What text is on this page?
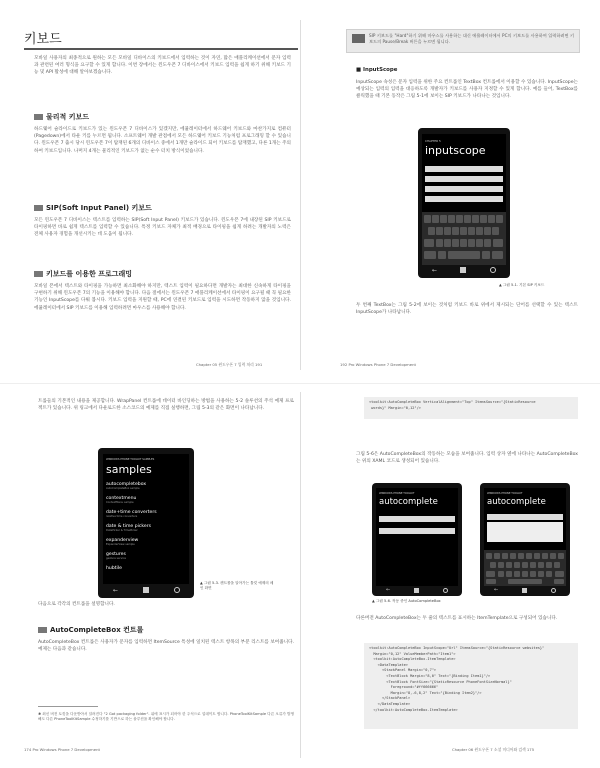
키보드
모바일 사용자의 최종적으로 원하는 모든 모바일 디바이스의 키보드에서 입력하는 것이 자연, 많은 애플리케이션에서 문자 입력과 관련된 여러 형식을 요구할 수 있게 합니다. 이번 장에서는 윈도우폰 7 디바이스에서 키보드 입력을 쉽게 하기 위해 키보드 기능 및 API 활성에 대해 알아보겠습니다.
물리적 키보드
하드웨어 슬라이드로 키보드가 있는 윈도우폰 7 디바이스가 있겠지만, 에뮬레이터에서 하드웨어 키보드와 마찬가지로 컴퓨터(Pagedown)에서 타운 키를 누르면 됩니다. 소프트웨어 개발 관점에서 모든 하드웨어 키보드 기능처럼 프로그래밍 할 수 있습니다. 윈도우폰 7 출시 당시 윈도우폰 7이 탑재된 6개의 디바이스 중에서 1개만 슬라이드 되어 키보드를 탑재했고, 다른 1개는 주의 하여 키보드입니다. 나머지 4개는 물리적인 키보드가 없는 순수 터치 방식이었습니다.
SIP(Soft Input Panel) 키보드
모든 윈도우폰 7 디바이스는 텍스트를 입력하는 SIP(Soft Input Panel) 키보드가 있습니다. 윈도우폰 7에 내장된 SIP 키보드로 타이핑하면 바로 쉽게 텍스트를 입력할 수 있습니다. 특정 키보드 자체가 최적 배경으로 타이핑을 쉽게 하려는 개발자의 노력은 전체 사용자 경험을 개선시키는 데 도움이 됩니다.
키보드를 이용한 프로그래밍
모바일 폰에서 텍스트와 타이핑을 가능하면 최소화해야 하지만, 텍스트 입력이 필요하다면 개발자는 최대한 신속하게 타이핑을 구현하기 위해 윈도우폰 7의 기능을 이용해야 합니다. 다음 절에서는 윈도우폰 7 애플리케이션에서 타이핑이 요구될 때 꼭 필요한 기능인 InputScope를 다뤄 봅시다. 키보드 입력을 지원할 때, PC에 연결된 키보드로 입력을 시도하면 작동하지 않을 것입니다. 에뮬레이터에서 SIP 키보드를 이용해 입력하려면 마우스를 사용해야 합니다.
Chapter 05 윈도우폰 7 입력 처리 191
SIP 키보드를 "Hard"하기 위해 마우스를 사용하는 대신 에뮬레이터에서 PC의 키보드를 사용하여 입력하려면 키보드의 Pause/Break 버튼을 누르면 됩니다.
■ InputScope
InputScope 속성은 문자 입력을 위한 주요 컨트롤인 TextBox 컨트롤에서 이용할 수 있습니다. InputScope는 예상되는 입력의 입력을 대응하도록 개발자가 키보드를 사용자 지정할 수 있게 합니다. 예를 들어, TextBox를 클릭했을 때 기본 동작은 그림 5-1에 보이는 SIP 키보드가 나타나는 것입니다.
CHAPTER 5
inputscope
←
▲ 그림 5-1. 기본 SIP 키보드
두 번째 TextBox는 그림 5-2에 보이는 것처럼 키보드 바로 위에서 제시되는 단어를 선택할 수 있는 텍스트 InputScope가 나타납니다.
192 Pro Windows Phone 7 Development
트롤들의 기본적인 내용을 제공합니다. WrapPanel 컨트롤에 데이터 바인딩하는 방법을 사용하는 5-2 솔루션의 주석 예제 프로젝트가 있습니다. 위 링크에서 다운로드한 소스코드의 예제를 직접 실행하면, 그림 5-3의 같은 화면이 나타납니다.
WINDOWS PHONE TOOLKIT SAMPLES
samples
autocompletebox
AutoCompleteBox sample
contextmenu
ContextMenu sample
date+time converters
relative time converters
date & time pickers
DatePicker & TimePicker
expanderview
ExpanderView sample
gestures
gesture service
hubtile
←
▲ 그림 5-3. 캔트롤을 알아가는 툴킷 예제의 메인 화면
다음으로 각각의 컨트롤을 설명합니다.
AutoCompleteBox 컨트롤
AutoCompleteBox 컨트롤은 사용자가 문자를 입력하면 ItemSource 특성에 일치된 텍스트 항목의 부분 리스트를 보여줍니다. 예제는 다음과 같습니다.
✱ 최신 버전 토킷을 다운받아서 알려진다 "2 Got packaging folder". 위에 표시가 되어야 한 주석으로 업데이트 합니다. PhoneToolKitSample 다른 오류가 발생해도 다른 PhoneToolKitSample 수정하기를 기반으로 하는 솔루션을 확인해야 합니다.
174 Pro Windows Phone 7 Development
<toolkit:AutoCompleteBox VerticalAlignment="Top" ItemsSource="{StaticResource
words}" Margin="0,12"/>
그림 5-6은 AutoCompleteBox의 작동하는 모습을 보여줍니다. 입력 상자 옆에 나타나는 AutoCompleteBox는 위의 XAML 코드로 생성되어 있습니다.
WINDOWS PHONE TOOLKIT
autocomplete
←
WINDOWS PHONE TOOLKIT
autocomplete
←
▲ 그림 5-6. 작동 중인 AutoCompleteBox
다른버전 AutoCompleteBox는 두 줄의 텍스트를 표시하는 ItemTemplate으로 구성되어 있습니다.
<toolkit:AutoCompleteBox InputScope="Url" ItemsSource="{StaticResource websites}"
Margin="0,12" ValueMemberPath="Item1">
<toolkit:AutoCompleteBox.ItemTemplate>
<DataTemplate>
<StackPanel Margin="0,7">
<TextBlock Margin="8,0" Text="{Binding Item1}"/>
<TextBlock FontSize="{StaticResource PhoneFontSizeNormal}"
Foreground="#ff666666"
Margin="8,-6,8,2" Text="{Binding Item2}"/>
</StackPanel>
</DataTemplate>
</toolkit:AutoCompleteBox.ItemTemplate>
Chapter 06 윈도우폰 7 소셜 미디어와 검색 175
